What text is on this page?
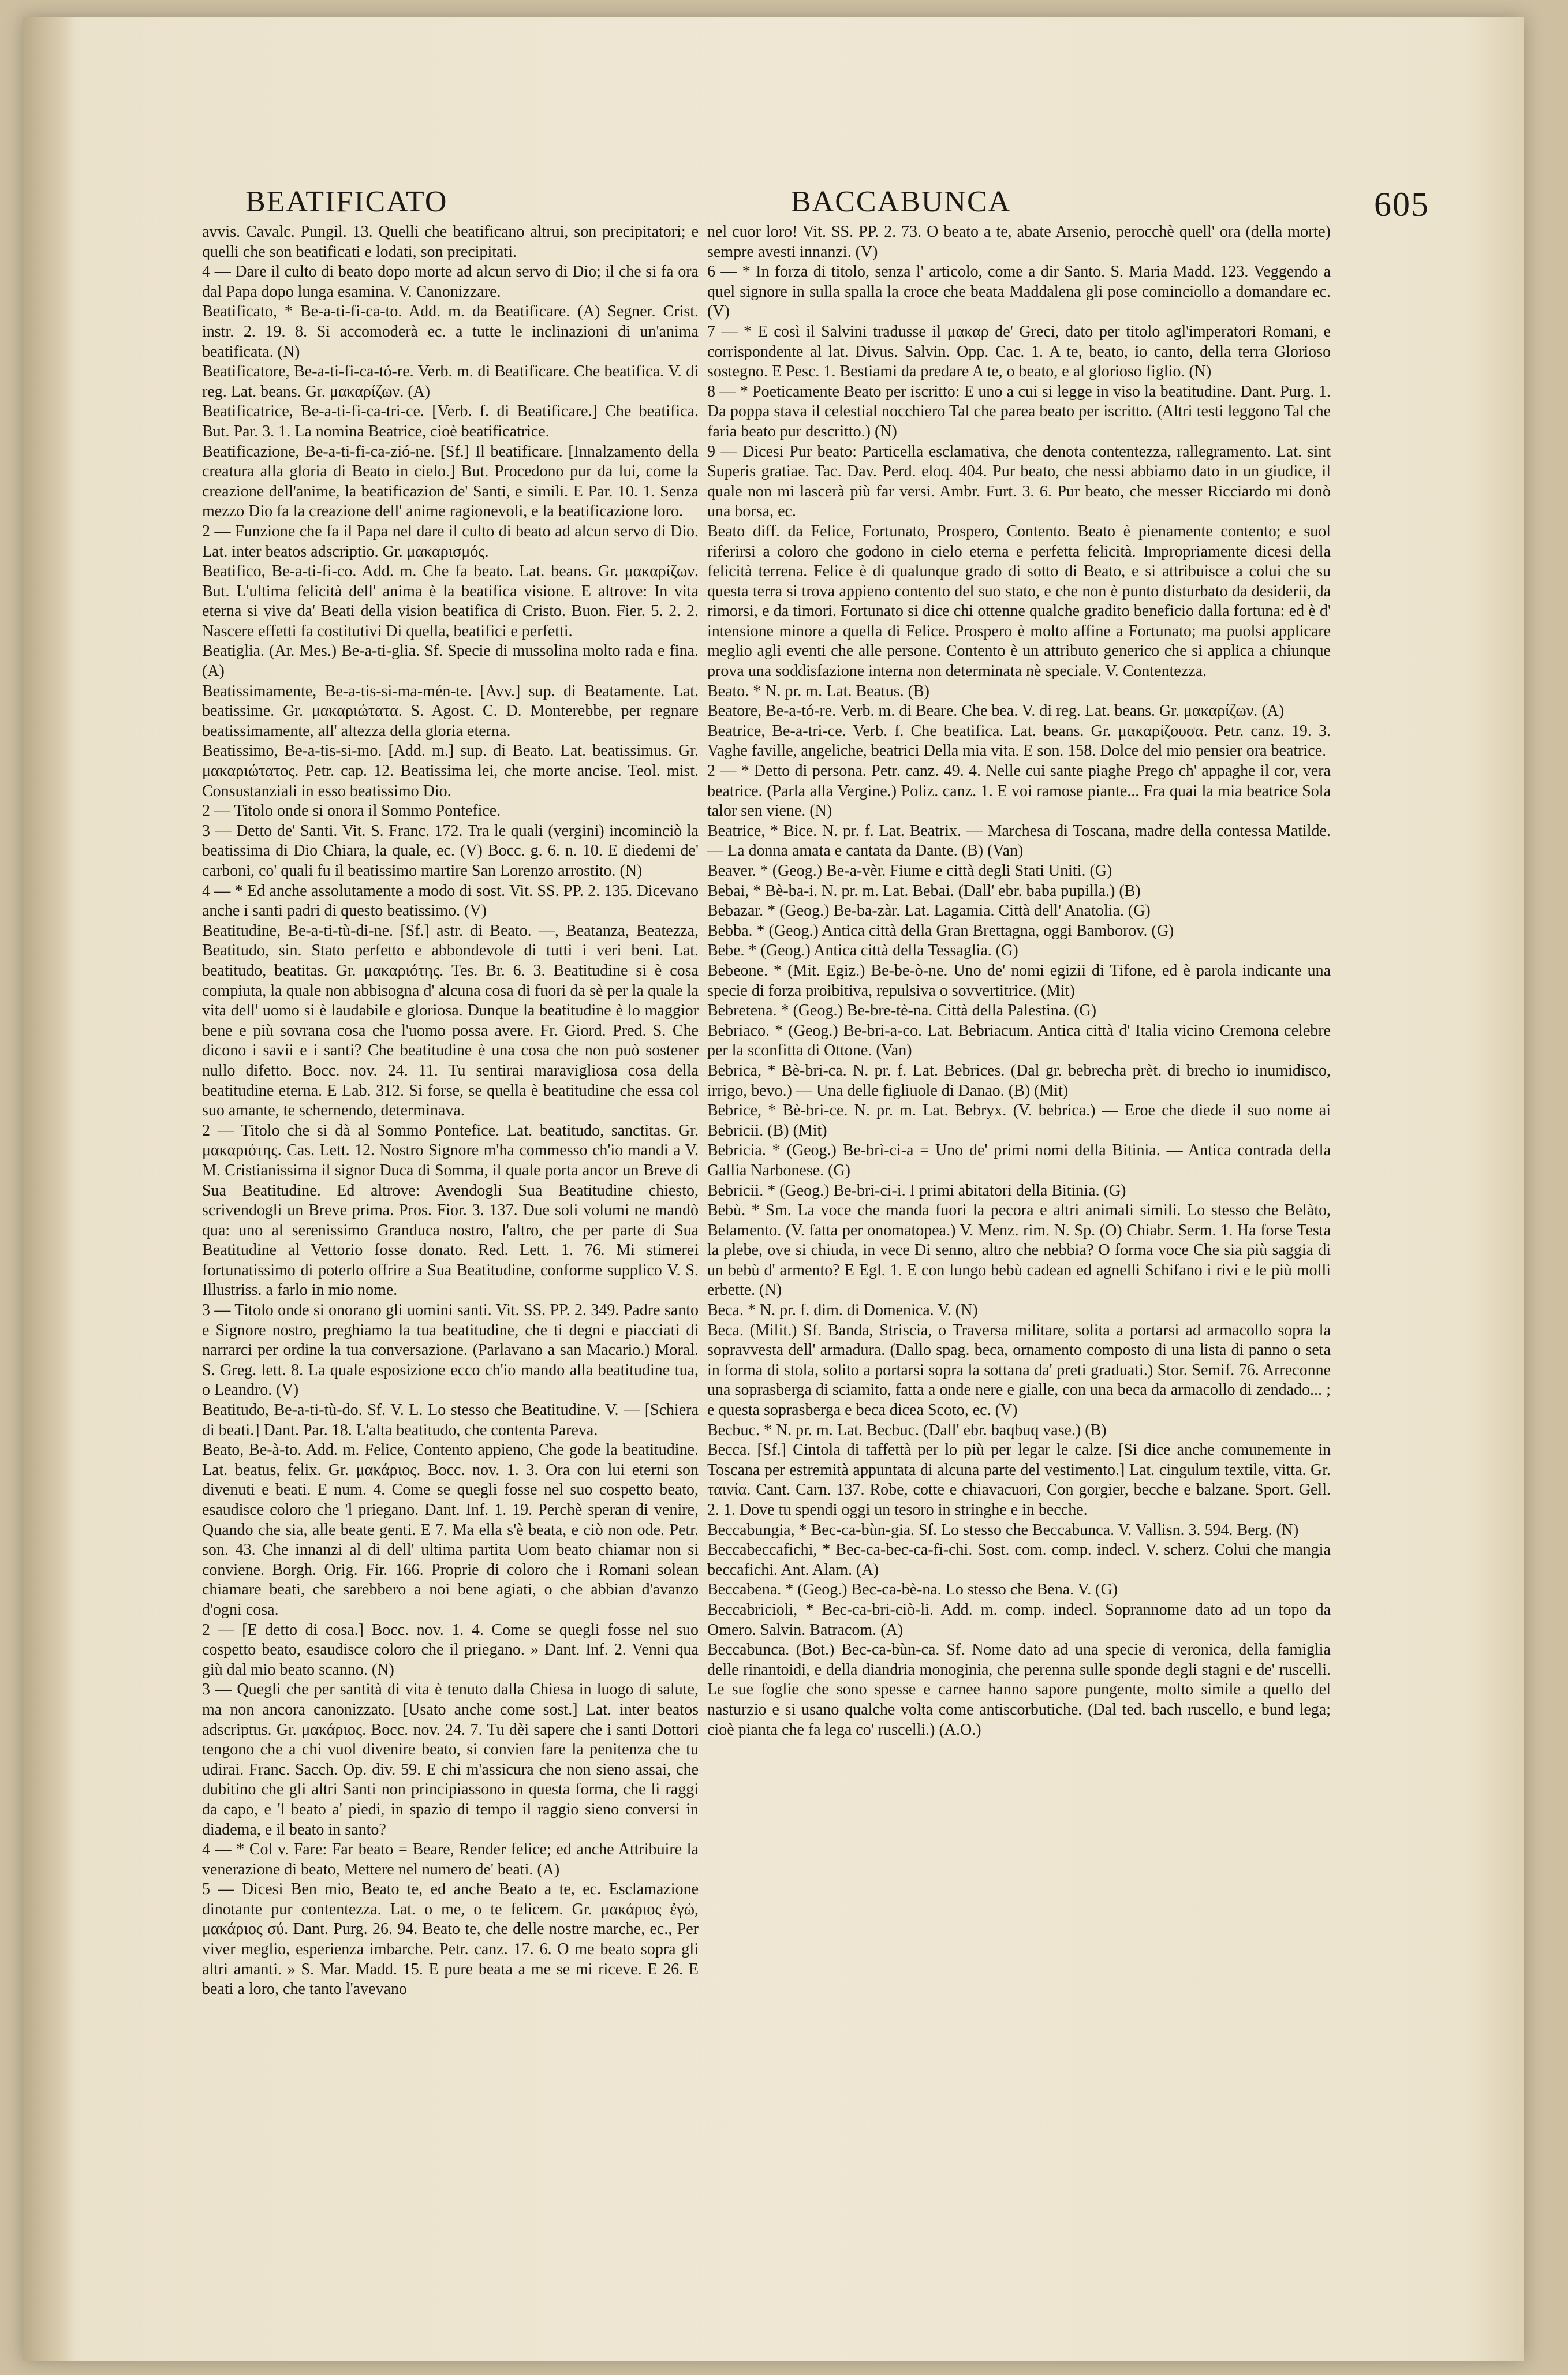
BEATIFICATO	BACCABUNCA	605

avvis. Cavalc. Pungil. 13. Quelli che beatificano altrui, son precipitatori; e quelli che son beatificati e lodati, son precipitati.

4 — Dare il culto di beato dopo morte ad alcun servo di Dio; il che si fa ora dal Papa dopo lunga esamina. V. Canonizzare.

Beatificato, * Be-a-ti-fi-ca-to. Add. m. da Beatificare. (A) Segner. Crist. instr. 2. 19. 8. Si accomoderà ec. a tutte le inclinazioni di un'anima beatificata. (N)

Beatificatore, Be-a-ti-fi-ca-tó-re. Verb. m. di Beatificare. Che beatifica. V. di reg. Lat. beans. Gr. μακαρίζων. (A)

Beatificatrice, Be-a-ti-fi-ca-tri-ce. [Verb. f. di Beatificare.] Che beatifica. But. Par. 3. 1. La nomina Beatrice, cioè beatificatrice.

Beatificazione, Be-a-ti-fi-ca-zió-ne. [Sf.] Il beatificare. [Innalzamento della creatura alla gloria di Beato in cielo.] But. Procedono pur da lui, come la creazione dell'anime, la beatificazion de' Santi, e simili. E Par. 10. 1. Senza mezzo Dio fa la creazione dell' anime ragionevoli, e la beatificazione loro.

2 — Funzione che fa il Papa nel dare il culto di beato ad alcun servo di Dio. Lat. inter beatos adscriptio. Gr. μακαρισμός.

Beatifico, Be-a-ti-fi-co. Add. m. Che fa beato. Lat. beans. Gr. μακαρίζων. But. L'ultima felicità dell' anima è la beatifica visione. E altrove: In vita eterna si vive da' Beati della vision beatifica di Cristo. Buon. Fier. 5. 2. 2. Nascere effetti fa costitutivi Di quella, beatifici e perfetti.

Beatiglia. (Ar. Mes.) Be-a-ti-glia. Sf. Specie di mussolina molto rada e fina. (A)

Beatissimamente, Be-a-tis-si-ma-mén-te. [Avv.] sup. di Beatamente. Lat. beatissime. Gr. μακαριώτατα. S. Agost. C. D. Monterebbe, per regnare beatissimamente, all' altezza della gloria eterna.

Beatissimo, Be-a-tis-si-mo. [Add. m.] sup. di Beato. Lat. beatissimus. Gr. μακαριώτατος. Petr. cap. 12. Beatissima lei, che morte ancise. Teol. mist. Consustanziali in esso beatissimo Dio.

2 — Titolo onde si onora il Sommo Pontefice.

3 — Detto de' Santi. Vit. S. Franc. 172. Tra le quali (vergini) incominciò la beatissima di Dio Chiara, la quale, ec. (V) Bocc. g. 6. n. 10. E diedemi de' carboni, co' quali fu il beatissimo martire San Lorenzo arrostito. (N)

4 — * Ed anche assolutamente a modo di sost. Vit. SS. PP. 2. 135. Dicevano anche i santi padri di questo beatissimo. (V)

Beatitudine, Be-a-ti-tù-di-ne. [Sf.] astr. di Beato. —, Beatanza, Beatezza, Beatitudo, sin. Stato perfetto e abbondevole di tutti i veri beni. Lat. beatitudo, beatitas. Gr. μακαριότης. Tes. Br. 6. 3. Beatitudine si è cosa compiuta, la quale non abbisogna d' alcuna cosa di fuori da sè per la quale la vita dell' uomo si è laudabile e gloriosa. Dunque la beatitudine è lo maggior bene e più sovrana cosa che l'uomo possa avere. Fr. Giord. Pred. S. Che dicono i savii e i santi? Che beatitudine è una cosa che non può sostener nullo difetto. Bocc. nov. 24. 11. Tu sentirai maravigliosa cosa della beatitudine eterna. E Lab. 312. Si forse, se quella è beatitudine che essa col suo amante, te schernendo, determinava.

2 — Titolo che si dà al Sommo Pontefice. Lat. beatitudo, sanctitas. Gr. μακαριότης. Cas. Lett. 12. Nostro Signore m'ha commesso ch'io mandi a V. M. Cristianissima il signor Duca di Somma, il quale porta ancor un Breve di Sua Beatitudine. Ed altrove: Avendogli Sua Beatitudine chiesto, scrivendogli un Breve prima. Pros. Fior. 3. 137. Due soli volumi ne mandò qua: uno al serenissimo Granduca nostro, l'altro, che per parte di Sua Beatitudine al Vettorio fosse donato. Red. Lett. 1. 76. Mi stimerei fortunatissimo di poterlo offrire a Sua Beatitudine, conforme supplico V. S. Illustriss. a farlo in mio nome.

3 — Titolo onde si onorano gli uomini santi. Vit. SS. PP. 2. 349. Padre santo e Signore nostro, preghiamo la tua beatitudine, che ti degni e piacciati di narrarci per ordine la tua conversazione. (Parlavano a san Macario.) Moral. S. Greg. lett. 8. La quale esposizione ecco ch'io mando alla beatitudine tua, o Leandro. (V)

Beatitudo, Be-a-ti-tù-do. Sf. V. L. Lo stesso che Beatitudine. V. — [Schiera di beati.] Dant. Par. 18. L'alta beatitudo, che contenta Pareva.

Beato, Be-à-to. Add. m. Felice, Contento appieno, Che gode la beatitudine. Lat. beatus, felix. Gr. μακάριος. Bocc. nov. 1. 3. Ora con lui eterni son divenuti e beati. E num. 4. Come se quegli fosse nel suo cospetto beato, esaudisce coloro che 'l priegano. Dant. Inf. 1. 19. Perchè speran di venire, Quando che sia, alle beate genti. E 7. Ma ella s'è beata, e ciò non ode. Petr. son. 43. Che innanzi al di dell' ultima partita Uom beato chiamar non si conviene. Borgh. Orig. Fir. 166. Proprie di coloro che i Romani solean chiamare beati, che sarebbero a noi bene agiati, o che abbian d'avanzo d'ogni cosa.

2 — [E detto di cosa.] Bocc. nov. 1. 4. Come se quegli fosse nel suo cospetto beato, esaudisce coloro che il priegano. » Dant. Inf. 2. Venni qua giù dal mio beato scanno. (N)

3 — Quegli che per santità di vita è tenuto dalla Chiesa in luogo di salute, ma non ancora canonizzato. [Usato anche come sost.] Lat. inter beatos adscriptus. Gr. μακάριος. Bocc. nov. 24. 7. Tu dèi sapere che i santi Dottori tengono che a chi vuol divenire beato, si convien fare la penitenza che tu udirai. Franc. Sacch. Op. div. 59. E chi m'assicura che non sieno assai, che dubitino che gli altri Santi non principiassono in questa forma, che li raggi da capo, e 'l beato a' piedi, in spazio di tempo il raggio sieno conversi in diadema, e il beato in santo?

4 — * Col v. Fare: Far beato = Beare, Render felice; ed anche Attribuire la venerazione di beato, Mettere nel numero de' beati. (A)

5 — Dicesi Ben mio, Beato te, ed anche Beato a te, ec. Esclamazione dinotante pur contentezza. Lat. o me, o te felicem. Gr. μακάριος ἐγώ, μακάριος σύ. Dant. Purg. 26. 94. Beato te, che delle nostre marche, ec., Per viver meglio, esperienza imbarche. Petr. canz. 17. 6. O me beato sopra gli altri amanti. » S. Mar. Madd. 15. E pure beata a me se mi riceve. E 26. E beati a loro, che tanto l'avevano

nel cuor loro! Vit. SS. PP. 2. 73. O beato a te, abate Arsenio, perocchè quell' ora (della morte) sempre avesti innanzi. (V)

6 — * In forza di titolo, senza l' articolo, come a dir Santo. S. Maria Madd. 123. Veggendo a quel signore in sulla spalla la croce che beata Maddalena gli pose cominciollo a domandare ec. (V)

7 — * E così il Salvini tradusse il μακαρ de' Greci, dato per titolo agl'imperatori Romani, e corrispondente al lat. Divus. Salvin. Opp. Cac. 1. A te, beato, io canto, della terra Glorioso sostegno. E Pesc. 1. Bestiami da predare A te, o beato, e al glorioso figlio. (N)

8 — * Poeticamente Beato per iscritto: E uno a cui si legge in viso la beatitudine. Dant. Purg. 1. Da poppa stava il celestial nocchiero Tal che parea beato per iscritto. (Altri testi leggono Tal che faria beato pur descritto.) (N)

9 — Dicesi Pur beato: Particella esclamativa, che denota contentezza, rallegramento. Lat. sint Superis gratiae. Tac. Dav. Perd. eloq. 404. Pur beato, che nessi abbiamo dato in un giudice, il quale non mi lascerà più far versi. Ambr. Furt. 3. 6. Pur beato, che messer Ricciardo mi donò una borsa, ec.

Beato diff. da Felice, Fortunato, Prospero, Contento. Beato è pienamente contento; e suol riferirsi a coloro che godono in cielo eterna e perfetta felicità. Impropriamente dicesi della felicità terrena. Felice è di qualunque grado di sotto di Beato, e si attribuisce a colui che su questa terra si trova appieno contento del suo stato, e che non è punto disturbato da desiderii, da rimorsi, e da timori. Fortunato si dice chi ottenne qualche gradito beneficio dalla fortuna: ed è d' intensione minore a quella di Felice. Prospero è molto affine a Fortunato; ma puolsi applicare meglio agli eventi che alle persone. Contento è un attributo generico che si applica a chiunque prova una soddisfazione interna non determinata nè speciale. V. Contentezza.

Beato. * N. pr. m. Lat. Beatus. (B)

Beatore, Be-a-tó-re. Verb. m. di Beare. Che bea. V. di reg. Lat. beans. Gr. μακαρίζων. (A)

Beatrice, Be-a-tri-ce. Verb. f. Che beatifica. Lat. beans. Gr. μακαρίζουσα. Petr. canz. 19. 3. Vaghe faville, angeliche, beatrici Della mia vita. E son. 158. Dolce del mio pensier ora beatrice.

2 — * Detto di persona. Petr. canz. 49. 4. Nelle cui sante piaghe Prego ch' appaghe il cor, vera beatrice. (Parla alla Vergine.) Poliz. canz. 1. E voi ramose piante... Fra quai la mia beatrice Sola talor sen viene. (N)

Beatrice, * Bice. N. pr. f. Lat. Beatrix. — Marchesa di Toscana, madre della contessa Matilde. — La donna amata e cantata da Dante. (B) (Van)

Beaver. * (Geog.) Be-a-vèr. Fiume e città degli Stati Uniti. (G)

Bebai, * Bè-ba-i. N. pr. m. Lat. Bebai. (Dall' ebr. baba pupilla.) (B)

Bebazar. * (Geog.) Be-ba-zàr. Lat. Lagamia. Città dell' Anatolia. (G)

Bebba. * (Geog.) Antica città della Gran Brettagna, oggi Bamborov. (G)

Bebe. * (Geog.) Antica città della Tessaglia. (G)

Bebeone. * (Mit. Egiz.) Be-be-ò-ne. Uno de' nomi egizii di Tifone, ed è parola indicante una specie di forza proibitiva, repulsiva o sovvertitrice. (Mit)

Bebretena. * (Geog.) Be-bre-tè-na. Città della Palestina. (G)

Bebriaco. * (Geog.) Be-bri-a-co. Lat. Bebriacum. Antica città d' Italia vicino Cremona celebre per la sconfitta di Ottone. (Van)

Bebrica, * Bè-bri-ca. N. pr. f. Lat. Bebrices. (Dal gr. bebrecha prèt. di brecho io inumidisco, irrigo, bevo.) — Una delle figliuole di Danao. (B) (Mit)

Bebrice, * Bè-bri-ce. N. pr. m. Lat. Bebryx. (V. bebrica.) — Eroe che diede il suo nome ai Bebricii. (B) (Mit)

Bebricia. * (Geog.) Be-brì-ci-a = Uno de' primi nomi della Bitinia. — Antica contrada della Gallia Narbonese. (G)

Bebricii. * (Geog.) Be-bri-ci-i. I primi abitatori della Bitinia. (G)

Bebù. * Sm. La voce che manda fuori la pecora e altri animali simili. Lo stesso che Belàto, Belamento. (V. fatta per onomatopea.) V. Menz. rim. N. Sp. (O) Chiabr. Serm. 1. Ha forse Testa la plebe, ove si chiuda, in vece Di senno, altro che nebbia? O forma voce Che sia più saggia di un bebù d' armento? E Egl. 1. E con lungo bebù cadean ed agnelli Schifano i rivi e le più molli erbette. (N)

Beca. * N. pr. f. dim. di Domenica. V. (N)

Beca. (Milit.) Sf. Banda, Striscia, o Traversa militare, solita a portarsi ad armacollo sopra la sopravvesta dell' armadura. (Dallo spag. beca, ornamento composto di una lista di panno o seta in forma di stola, solito a portarsi sopra la sottana da' preti graduati.) Stor. Semif. 76. Arreconne una soprasberga di sciamito, fatta a onde nere e gialle, con una beca da armacollo di zendado... ; e questa soprasberga e beca dicea Scoto, ec. (V)

Becbuc. * N. pr. m. Lat. Becbuc. (Dall' ebr. baqbuq vase.) (B)

Becca. [Sf.] Cintola di taffettà per lo più per legar le calze. [Si dice anche comunemente in Toscana per estremità appuntata di alcuna parte del vestimento.] Lat. cingulum textile, vitta. Gr. ταινία. Cant. Carn. 137. Robe, cotte e chiavacuori, Con gorgier, becche e balzane. Sport. Gell. 2. 1. Dove tu spendi oggi un tesoro in stringhe e in becche.

Beccabungia, * Bec-ca-bùn-gia. Sf. Lo stesso che Beccabunca. V. Vallisn. 3. 594. Berg. (N)

Beccabeccafichi, * Bec-ca-bec-ca-fi-chi. Sost. com. comp. indecl. V. scherz. Colui che mangia beccafichi. Ant. Alam. (A)

Beccabena. * (Geog.) Bec-ca-bè-na. Lo stesso che Bena. V. (G)

Beccabricioli, * Bec-ca-bri-ciò-li. Add. m. comp. indecl. Soprannome dato ad un topo da Omero. Salvin. Batracom. (A)

Beccabunca. (Bot.) Bec-ca-bùn-ca. Sf. Nome dato ad una specie di veronica, della famiglia delle rinantoidi, e della diandria monoginia, che perenna sulle sponde degli stagni e de' ruscelli. Le sue foglie che sono spesse e carnee hanno sapore pungente, molto simile a quello del nasturzio e si usano qualche volta come antiscorbutiche. (Dal ted. bach ruscello, e bund lega; cioè pianta che fa lega co' ruscelli.) (A.O.)
